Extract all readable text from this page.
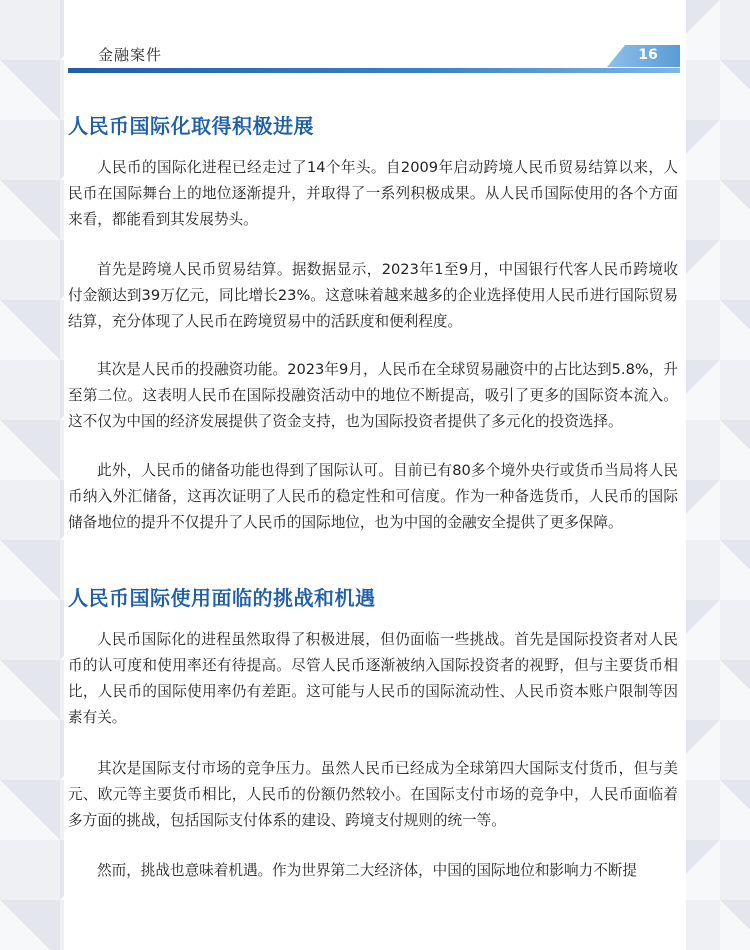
金融案件	16
人民币国际化取得积极进展

人民币的国际化进程已经走过了14个年头。自2009年启动跨境人民币贸易结算以来，人民币在国际舞台上的地位逐渐提升，并取得了一系列积极成果。从人民币国际使用的各个方面来看，都能看到其发展势头。

首先是跨境人民币贸易结算。据数据显示，2023年1至9月，中国银行代客人民币跨境收付金额达到39万亿元，同比增长23%。这意味着越来越多的企业选择使用人民币进行国际贸易结算，充分体现了人民币在跨境贸易中的活跃度和便利程度。

其次是人民币的投融资功能。2023年9月，人民币在全球贸易融资中的占比达到5.8%，升至第二位。这表明人民币在国际投融资活动中的地位不断提高，吸引了更多的国际资本流入。这不仅为中国的经济发展提供了资金支持，也为国际投资者提供了多元化的投资选择。

此外，人民币的储备功能也得到了国际认可。目前已有80多个境外央行或货币当局将人民币纳入外汇储备，这再次证明了人民币的稳定性和可信度。作为一种备选货币，人民币的国际储备地位的提升不仅提升了人民币的国际地位，也为中国的金融安全提供了更多保障。

人民币国际使用面临的挑战和机遇

人民币国际化的进程虽然取得了积极进展，但仍面临一些挑战。首先是国际投资者对人民币的认可度和使用率还有待提高。尽管人民币逐渐被纳入国际投资者的视野，但与主要货币相比，人民币的国际使用率仍有差距。这可能与人民币的国际流动性、人民币资本账户限制等因素有关。

其次是国际支付市场的竞争压力。虽然人民币已经成为全球第四大国际支付货币，但与美元、欧元等主要货币相比，人民币的份额仍然较小。在国际支付市场的竞争中，人民币面临着多方面的挑战，包括国际支付体系的建设、跨境支付规则的统一等。

然而，挑战也意味着机遇。作为世界第二大经济体，中国的国际地位和影响力不断提
